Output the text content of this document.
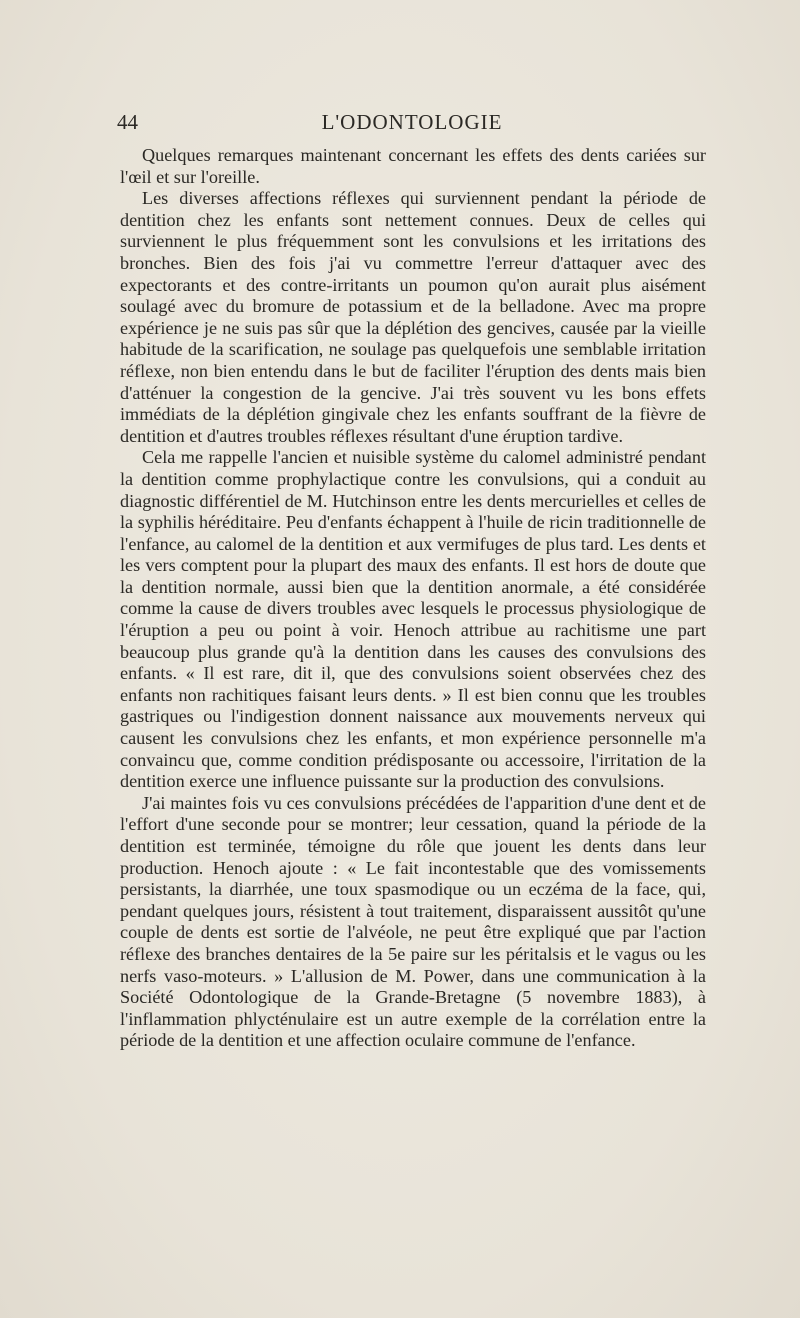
44	L'ODONTOLOGIE

Quelques remarques maintenant concernant les effets des dents cariées sur l'œil et sur l'oreille.

Les diverses affections réflexes qui surviennent pendant la période de dentition chez les enfants sont nettement connues. Deux de celles qui surviennent le plus fréquemment sont les convulsions et les irritations des bronches. Bien des fois j'ai vu commettre l'erreur d'attaquer avec des expectorants et des contre-irritants un poumon qu'on aurait plus aisément soulagé avec du bromure de potassium et de la belladone. Avec ma propre expérience je ne suis pas sûr que la déplétion des gencives, causée par la vieille habitude de la scarification, ne soulage pas quelquefois une semblable irritation réflexe, non bien entendu dans le but de faciliter l'éruption des dents mais bien d'atténuer la congestion de la gencive. J'ai très souvent vu les bons effets immédiats de la déplétion gingivale chez les enfants souffrant de la fièvre de dentition et d'autres troubles réflexes résultant d'une éruption tardive.

Cela me rappelle l'ancien et nuisible système du calomel administré pendant la dentition comme prophylactique contre les convulsions, qui a conduit au diagnostic différentiel de M. Hutchinson entre les dents mercurielles et celles de la syphilis héréditaire. Peu d'enfants échappent à l'huile de ricin traditionnelle de l'enfance, au calomel de la dentition et aux vermifuges de plus tard. Les dents et les vers comptent pour la plupart des maux des enfants. Il est hors de doute que la dentition normale, aussi bien que la dentition anormale, a été considérée comme la cause de divers troubles avec lesquels le processus physiologique de l'éruption a peu ou point à voir. Henoch attribue au rachitisme une part beaucoup plus grande qu'à la dentition dans les causes des convulsions des enfants. « Il est rare, dit il, que des convulsions soient observées chez des enfants non rachitiques faisant leurs dents. » Il est bien connu que les troubles gastriques ou l'indigestion donnent naissance aux mouvements nerveux qui causent les convulsions chez les enfants, et mon expérience personnelle m'a convaincu que, comme condition prédisposante ou accessoire, l'irritation de la dentition exerce une influence puissante sur la production des convulsions.

J'ai maintes fois vu ces convulsions précédées de l'apparition d'une dent et de l'effort d'une seconde pour se montrer; leur cessation, quand la période de la dentition est terminée, témoigne du rôle que jouent les dents dans leur production. Henoch ajoute : « Le fait incontestable que des vomissements persistants, la diarrhée, une toux spasmodique ou un eczéma de la face, qui, pendant quelques jours, résistent à tout traitement, disparaissent aussitôt qu'une couple de dents est sortie de l'alvéole, ne peut être expliqué que par l'action réflexe des branches dentaires de la 5e paire sur les péritalsis et le vagus ou les nerfs vaso-moteurs. » L'allusion de M. Power, dans une communication à la Société Odontologique de la Grande-Bretagne (5 novembre 1883), à l'inflammation phlycténulaire est un autre exemple de la corrélation entre la période de la dentition et une affection oculaire commune de l'enfance.
